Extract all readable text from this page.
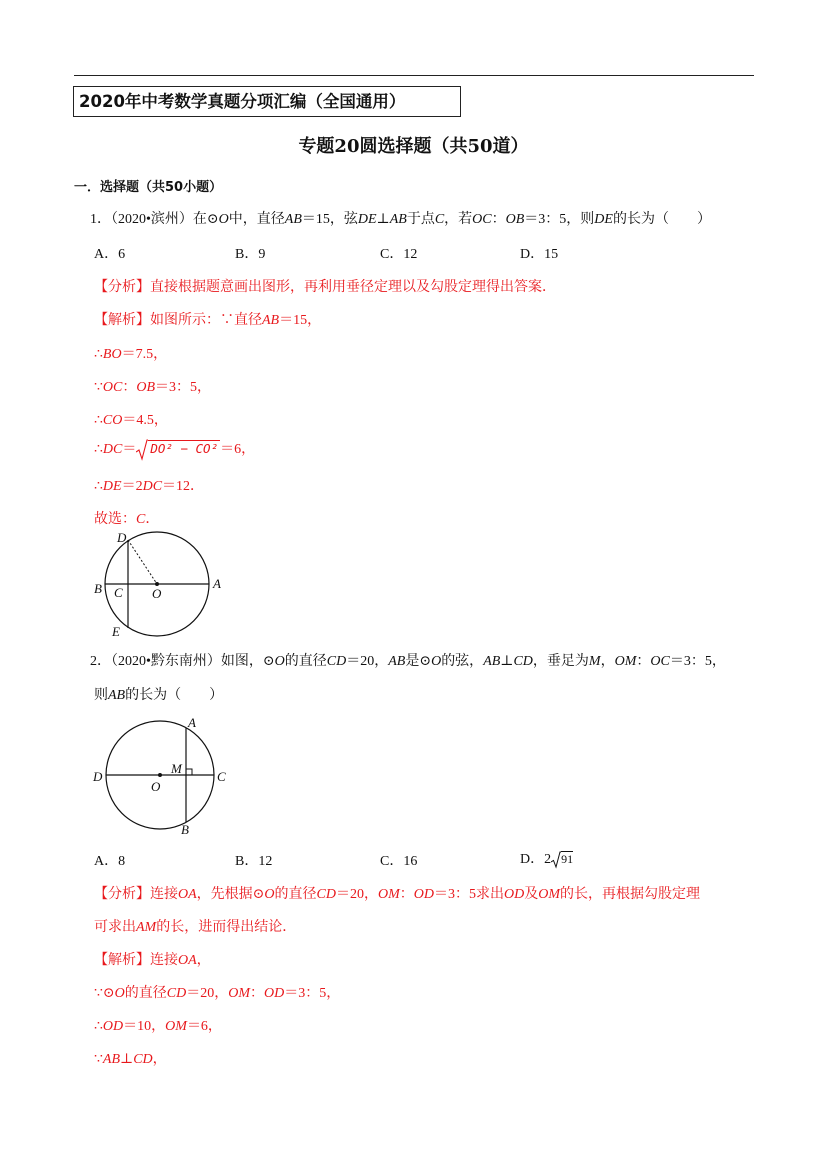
2020年中考数学真题分项汇编（全国通用）
专题20圆选择题（共50道）
一．选择题（共50小题）
1．（2020•滨州）在⊙O中，直径AB＝15，弦DE⊥AB于点C，若OC：OB＝3：5，则DE的长为（　　）
A．6	B．9	C．12	D．15
【分析】直接根据题意画出图形，再利用垂径定理以及勾股定理得出答案．
【解析】如图所示：∵直径AB＝15，
∴BO＝7.5，
∵OC：OB＝3：5，
∴CO＝4.5，
∴DC＝ DO² − CO² ＝6，
∴DE＝2DC＝12．
故选：C．
D
B C O
A
E
2．（2020•黔东南州）如图，⊙O的直径CD＝20，AB是⊙O的弦，AB⊥CD，垂足为M，OM：OC＝3：5，
则AB的长为（　　）
A
D
M
C
O
B
A．8	B．12	C．16	D．2 91
【分析】连接OA，先根据⊙O的直径CD＝20，OM：OD＝3：5求出OD及OM的长，再根据勾股定理
可求出AM的长，进而得出结论．
【解析】连接OA，
∵⊙O的直径CD＝20，OM：OD＝3：5，
∴OD＝10，OM＝6，
∵AB⊥CD，
